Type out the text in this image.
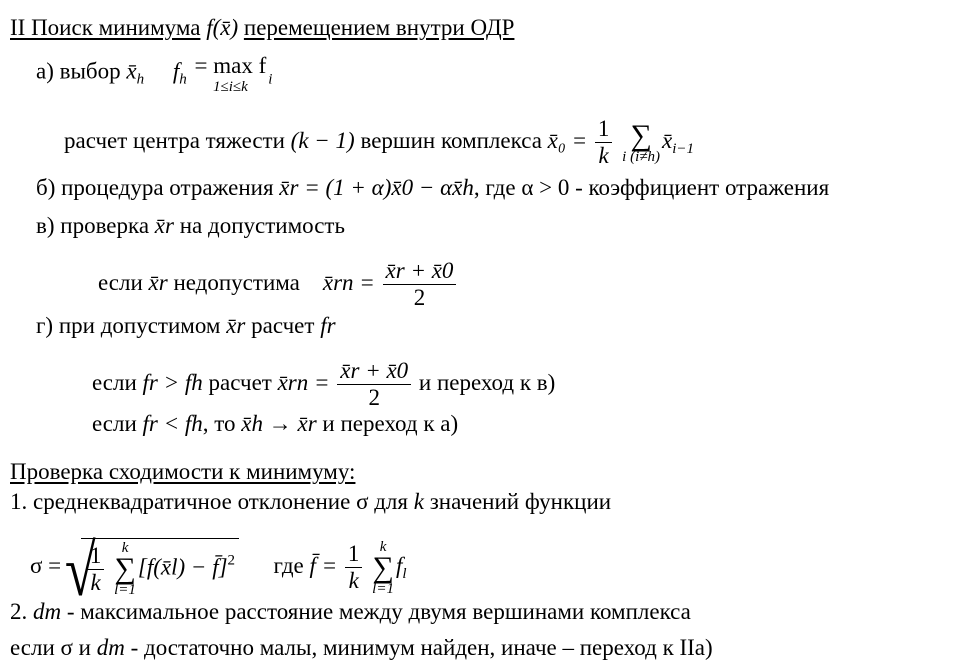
II Поиск минимума f(x̄) перемещением внутри ОДР
а) выбор $x̄_h$ $f_h$
= max f
1≤i≤k	$_i$
расчет центра тяжести (k − 1) вершин комплекса x̄₀ = $\frac{1}{k}$
∑
i (i≠h)
$x̄_{i-1}$
б) процедура отражения x̄r = (1 + α)x̄0 − αx̄h, где α > 0 - коэффициент отражения
в) проверка x̄r на допустимость
если x̄r недопустима x̄rn = $\frac{x̄r + x̄0}{2}$
г) при допустимом x̄r расчет fr
если fr > fh расчет x̄rn = $\frac{x̄r + x̄0}{2}$ и переход к в)
если fr < fh, то x̄h → x̄r и переход к а)
Проверка сходимости к минимуму:
1. среднеквадратичное отклонение σ для k значений функции
σ =
√ $\frac{1}{k}$
	k
∑
l=1
[f(x̄l) − f̄]$^2$ где f̄ = $\frac{1}{k}$
	k
∑
l=1
$f_l$
2. dm - максимальное расстояние между двумя вершинами комплекса
если σ и dm - достаточно малы, минимум найден, иначе – переход к IIа)
